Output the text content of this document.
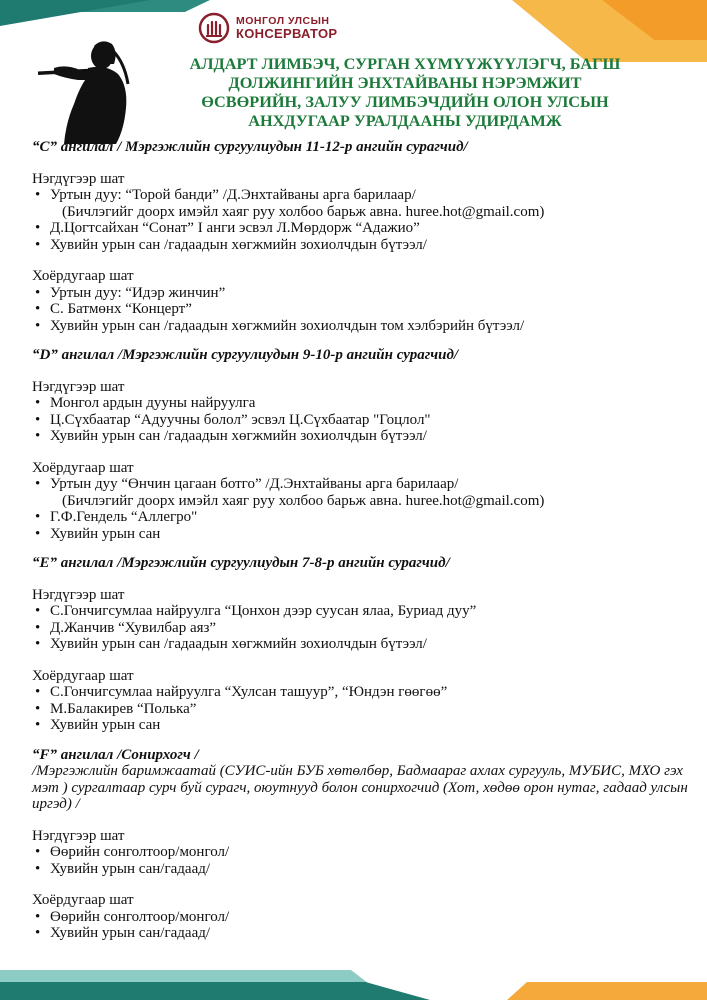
МОНГОЛ УЛСЫН
КОНСЕРВАТОР
АЛДАРТ ЛИМБЭЧ, СУРГАН ХҮМҮҮЖҮҮЛЭГЧ, БАГШ
ДОЛЖИНГИЙН ЭНХТАЙВАНЫ НЭРЭМЖИТ
ӨСВӨРИЙН, ЗАЛУУ ЛИМБЭЧДИЙН ОЛОН УЛСЫН
АНХДУГААР УРАЛДААНЫ УДИРДАМЖ
“C” ангилал / Мэргэжлийн сургуулиудын 11-12-р ангийн сурагчид/
Нэгдүгээр шат
• Уртын дуу: “Торой банди” /Д.Энхтайваны арга барилаар/
(Бичлэгийг доорх имэйл хаяг руу холбоо барьж авна. huree.hot@gmail.com)
• Д.Цогтсайхан “Сонат” I анги эсвэл Л.Мөрдорж “Адажио”
• Хувийн урын сан /гадаадын хөгжмийн зохиолчдын бүтээл/
Хоёрдугаар шат
• Уртын дуу: “Идэр жинчин”
• С. Батмөнх “Концерт”
• Хувийн урын сан /гадаадын хөгжмийн зохиолчдын том хэлбэрийн бүтээл/
“D” ангилал /Мэргэжлийн сургуулиудын 9-10-р ангийн сурагчид/
Нэгдүгээр шат
• Монгол ардын дууны найруулга
• Ц.Сүхбаатар “Адуучны болол” эсвэл Ц.Сүхбаатар "Гоцлол"
• Хувийн урын сан /гадаадын хөгжмийн зохиолчдын бүтээл/
Хоёрдугаар шат
• Уртын дуу “Өнчин цагаан ботго” /Д.Энхтайваны арга барилаар/
(Бичлэгийг доорх имэйл хаяг руу холбоо барьж авна. huree.hot@gmail.com)
• Г.Ф.Гендель “Аллегро"
• Хувийн урын сан
“E” ангилал /Мэргэжлийн сургуулиудын 7-8-р ангийн сурагчид/
Нэгдүгээр шат
• С.Гончигсумлаа найруулга “Цонхон дээр суусан ялаа, Буриад дуу”
• Д.Жанчив “Хувилбар аяз”
• Хувийн урын сан /гадаадын хөгжмийн зохиолчдын бүтээл/
Хоёрдугаар шат
• С.Гончигсумлаа найруулга “Хулсан ташуур”, “Юндэн гөөгөө”
• М.Балакирев “Полька”
• Хувийн урын сан
“F” ангилал /Сонирхогч /
/Мэргэжлийн баримжаатай (СУИС-ийн БУБ хөтөлбөр, Бадмаараг ахлах сургууль, МУБИС, МХО гэх мэт ) сургалтаар сурч буй сурагч, оюутнууд болон сонирхогчид (Хот, хөдөө орон нутаг, гадаад улсын иргэд) /
Нэгдүгээр шат
• Өөрийн сонголтоор/монгол/
• Хувийн урын сан/гадаад/
Хоёрдугаар шат
• Өөрийн сонголтоор/монгол/
• Хувийн урын сан/гадаад/
